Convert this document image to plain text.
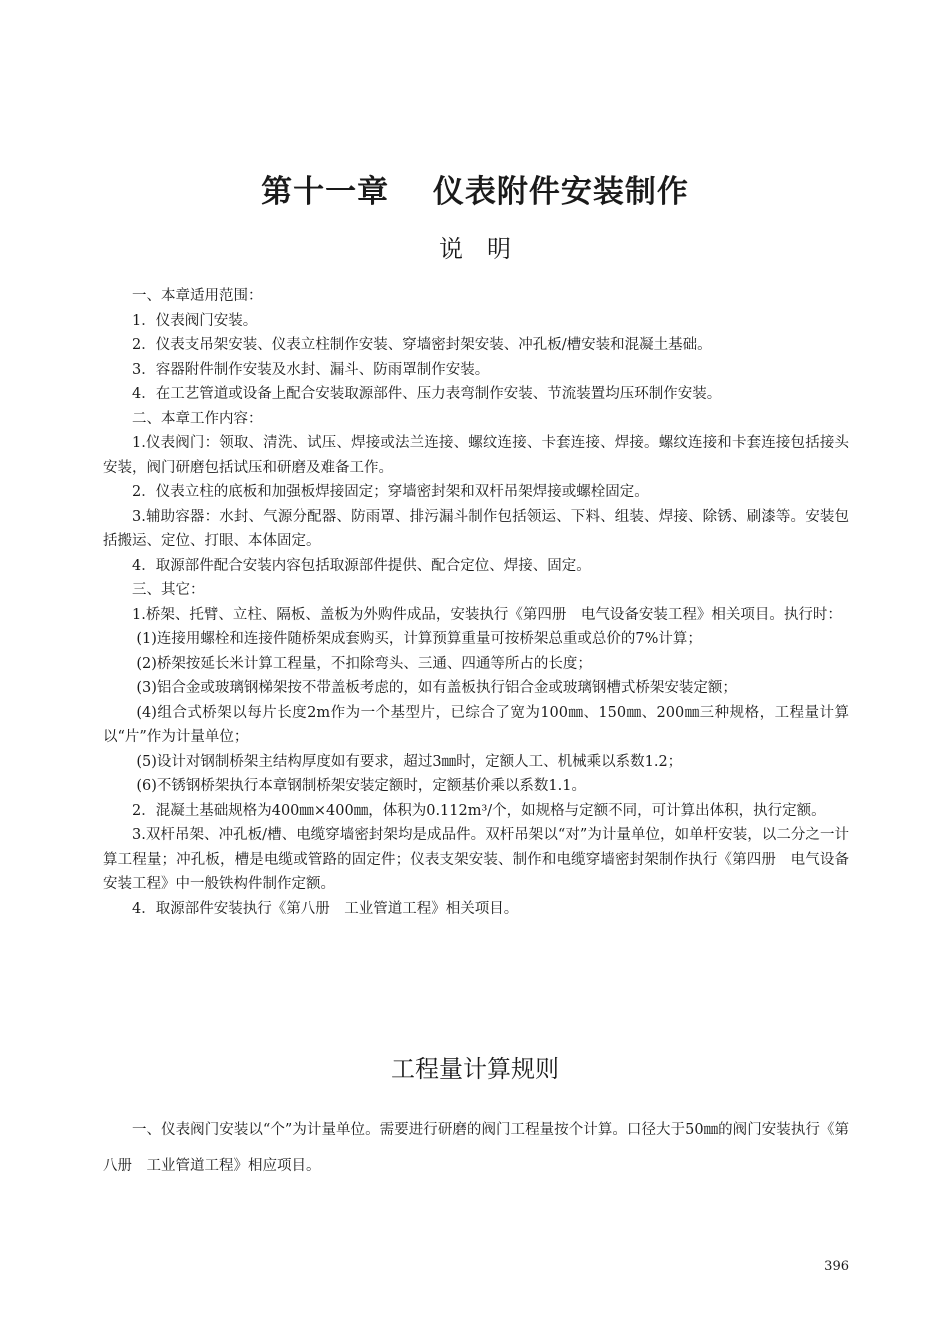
第十一章　 仪表附件安装制作
说　明

一、本章适用范围：

1．仪表阀门安装。

2．仪表支吊架安装、仪表立柱制作安装、穿墙密封架安装、冲孔板/槽安装和混凝土基础。

3．容器附件制作安装及水封、漏斗、防雨罩制作安装。

4．在工艺管道或设备上配合安装取源部件、压力表弯制作安装、节流装置均压环制作安装。

二、本章工作内容：

1.仪表阀门：领取、清洗、试压、焊接或法兰连接、螺纹连接、卡套连接、焊接。螺纹连接和卡套连接包括接头安装，阀门研磨包括试压和研磨及难备工作。

2．仪表立柱的底板和加强板焊接固定；穿墙密封架和双杆吊架焊接或螺栓固定。

3.辅助容器：水封、气源分配器、防雨罩、排污漏斗制作包括领运、下料、组装、焊接、除锈、刷漆等。安装包括搬运、定位、打眼、本体固定。

4．取源部件配合安装内容包括取源部件提供、配合定位、焊接、固定。

三、其它：

1.桥架、托臂、立柱、隔板、盖板为外购件成品，安装执行《第四册　电气设备安装工程》相关项目。执行时：

(1)连接用螺栓和连接件随桥架成套购买，计算预算重量可按桥架总重或总价的7%计算；

(2)桥架按延长米计算工程量，不扣除弯头、三通、四通等所占的长度；

(3)铝合金或玻璃钢梯架按不带盖板考虑的，如有盖板执行铝合金或玻璃钢槽式桥架安装定额；

(4)组合式桥架以每片长度2m作为一个基型片，已综合了宽为100㎜、150㎜、200㎜三种规格，工程量计算以“片”作为计量单位；

(5)设计对钢制桥架主结构厚度如有要求，超过3㎜时，定额人工、机械乘以系数1.2；

(6)不锈钢桥架执行本章钢制桥架安装定额时，定额基价乘以系数1.1。

2．混凝土基础规格为400㎜×400㎜，体积为0.112m³/个，如规格与定额不同，可计算出体积，执行定额。

3.双杆吊架、冲孔板/槽、电缆穿墙密封架均是成品件。双杆吊架以“对”为计量单位，如单杆安装，以二分之一计算工程量；冲孔板，槽是电缆或管路的固定件；仪表支架安装、制作和电缆穿墙密封架制作执行《第四册　电气设备安装工程》中一般铁构件制作定额。

4．取源部件安装执行《第八册　工业管道工程》相关项目。

工程量计算规则

一、仪表阀门安装以“个”为计量单位。需要进行研磨的阀门工程量按个计算。口径大于50㎜的阀门安装执行《第八册　工业管道工程》相应项目。

396
